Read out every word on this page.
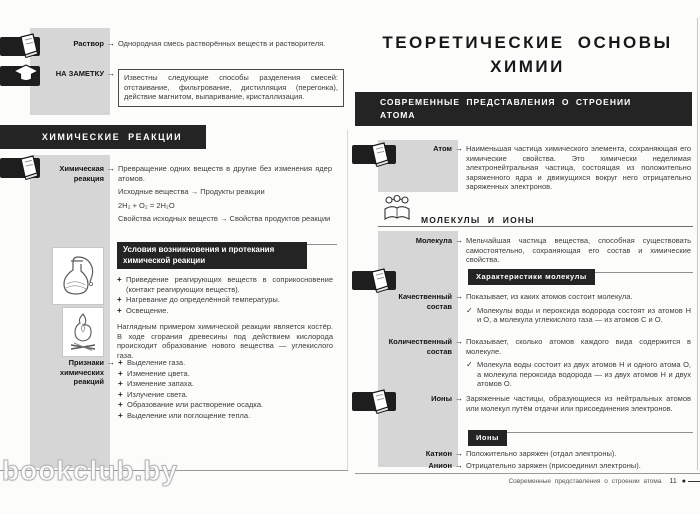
Раствор → Однородная смесь растворённых веществ и растворителя.
НА ЗАМЕТКУ →	Известны следующие способы разделения смесей: отстаивание, фильтрование, дистилляция (перегонка), действие магнитом, выпаривание, кристаллизация.
ХИМИЧЕСКИЕ РЕАКЦИИ
Химическая реакция
→ Превращение одних веществ в другие без изменения ядер атомов.
Исходные вещества → Продукты реакции
2H₂ + O₂ = 2H₂O
Свойства исходных веществ → Свойства продуктов реакции
Условия возникновения и протекания химической реакции
+ Приведение реагирующих веществ в соприкосновение (контакт реагирующих веществ).
+ Нагревание до определённой температуры.
+ Освещение.
Наглядным примером химической реакции является костёр. В ходе сгорания древесины под действием кислорода происходит образование нового вещества — углекислого газа.
Признаки химических реакций
→ + Выделение газа.
+ Изменение цвета.
+ Изменение запаха.
+ Излучение света.
+ Образование или растворение осадка.
+ Выделение или поглощение тепла.
bookclub.by
ТЕОРЕТИЧЕСКИЕ ОСНОВЫ
ХИМИИ
СОВРЕМЕННЫЕ ПРЕДСТАВЛЕНИЯ О СТРОЕНИИ
АТОМА
Атом → Наименьшая частица химического элемента, сохраняющая его химические свойства. Это химически неделимая электронейтральная частица, состоящая из положительно заряженного ядра и движущихся вокруг него отрицательно заряженных электронов.
МОЛЕКУЛЫ И ИОНЫ
Молекула → Мельчайшая частица вещества, способная существовать самостоятельно, сохраняющая его состав и химические свойства.
Характеристики молекулы
Качественный состав
→ Показывает, из каких атомов состоит молекула.
✓ Молекулы воды и пероксида водорода состоят из атомов Н и О, а молекула углекислого газа — из атомов С и О.
Количественный состав
→ Показывает, сколько атомов каждого вида содержится в молекуле.
✓ Молекула воды состоит из двух атомов Н и одного атома О, а молекула пероксида водорода — из двух атомов Н и двух атомов О.
Ионы → Заряженные частицы, образующиеся из нейтральных атомов или молекул путём отдачи или присоединения электронов.
Ионы
Катион → Положительно заряжен (отдал электроны).
Анион → Отрицательно заряжен (присоединил электроны).
Современные представления о строении атома 11 ●
